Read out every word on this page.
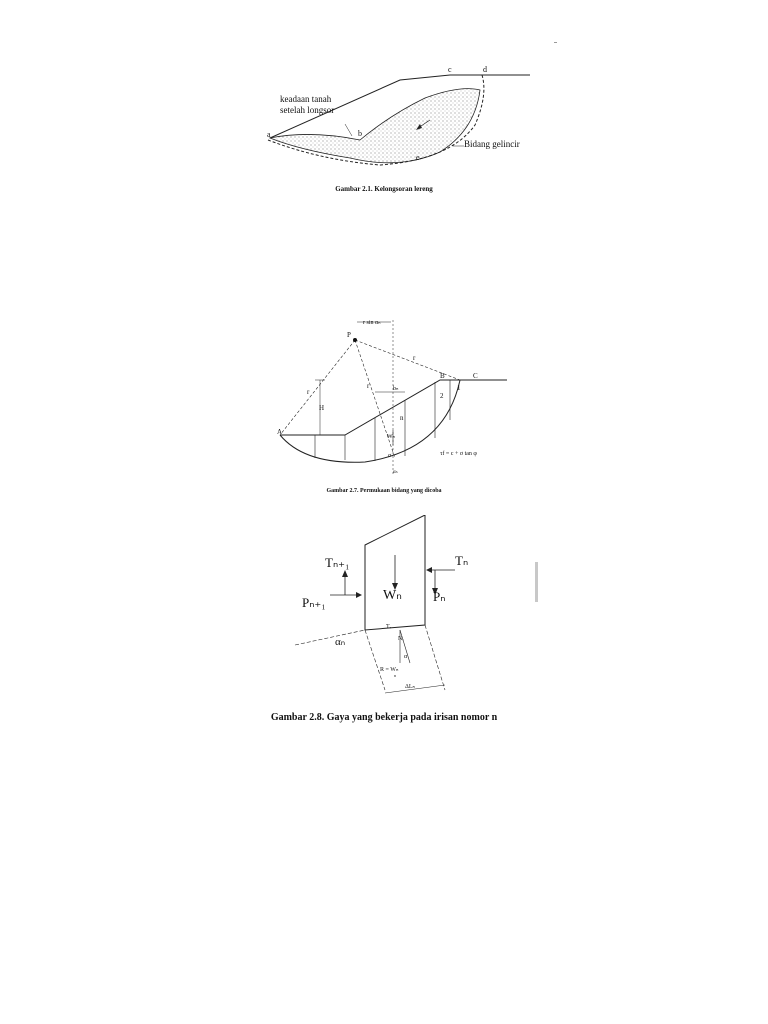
a	b
c	d
e
keadaan tanah
setelah longsor
Bidang gelincir
Gambar 2.1. Kelongsoran lereng
r sin αₙ
P
r
r
r
H
A
B	C
bₙ
n
2
1
Wₙ
σ
αₙ
τf = c + σ tan φ
Gambar 2.7. Permukaan bidang yang dicoba
Tₙ₊₁	Tₙ
Wₙ
Pₙ₊₁	Pₙ
αₙ
Tᵣ
Nᵣ
α
R = Wₙ
n
ΔLₙ
Gambar 2.8. Gaya yang bekerja pada irisan nomor n
